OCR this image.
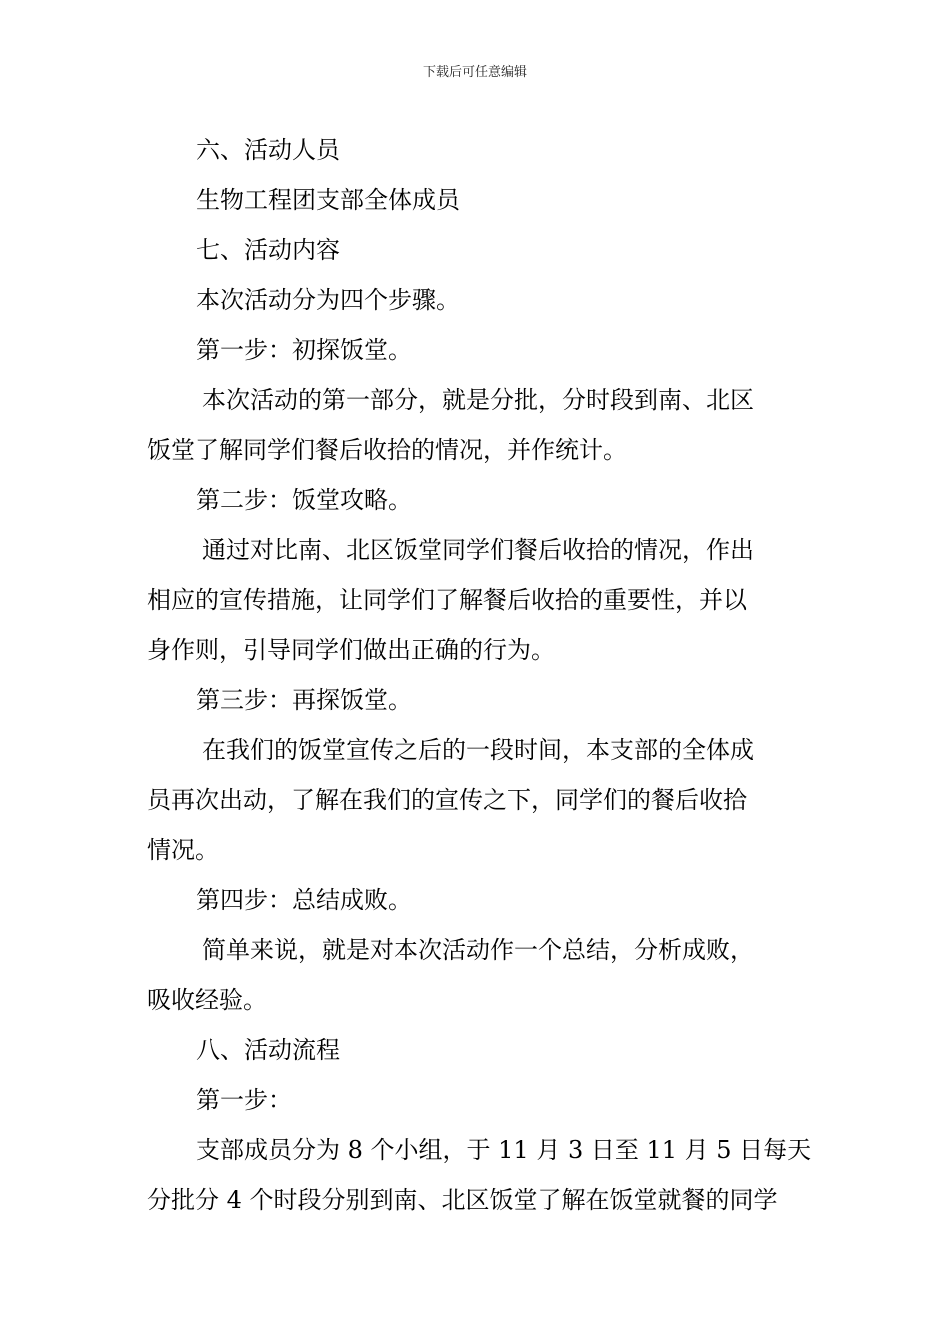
下载后可任意编辑
六、活动人员
生物工程团支部全体成员
七、活动内容
本次活动分为四个步骤。
第一步：初探饭堂。
本次活动的第一部分，就是分批，分时段到南、北区
饭堂了解同学们餐后收拾的情况，并作统计。
第二步：饭堂攻略。
通过对比南、北区饭堂同学们餐后收拾的情况，作出
相应的宣传措施，让同学们了解餐后收拾的重要性，并以
身作则，引导同学们做出正确的行为。
第三步：再探饭堂。
在我们的饭堂宣传之后的一段时间，本支部的全体成
员再次出动，了解在我们的宣传之下，同学们的餐后收拾
情况。
第四步：总结成败。
简单来说，就是对本次活动作一个总结，分析成败，
吸收经验。
八、活动流程
第一步：
支部成员分为 8 个小组，于 11 月 3 日至 11 月 5 日每天
分批分 4 个时段分别到南、北区饭堂了解在饭堂就餐的同学
